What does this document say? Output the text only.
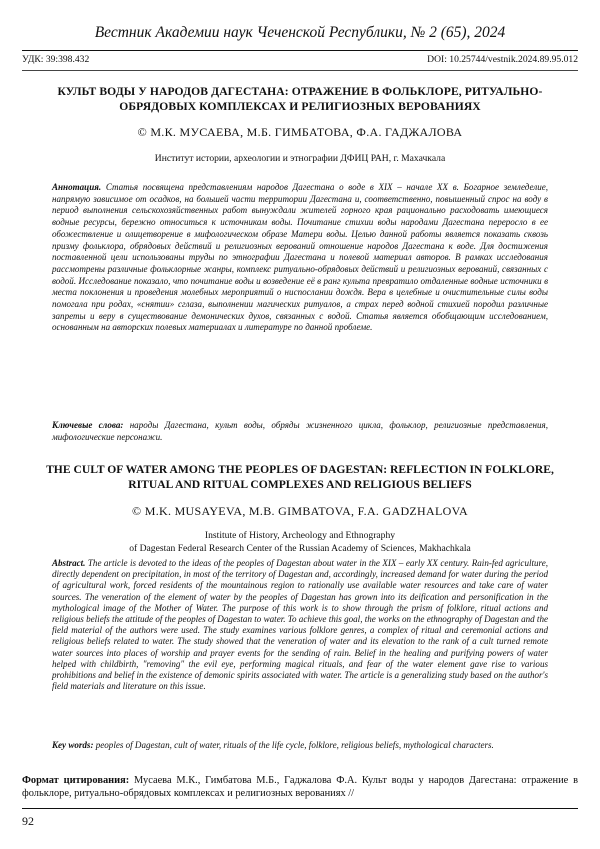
Вестник Академии наук Чеченской Республики, № 2 (65), 2024
УДК: 39:398.432	DOI: 10.25744/vestnik.2024.89.95.012
КУЛЬТ ВОДЫ У НАРОДОВ ДАГЕСТАНА: ОТРАЖЕНИЕ В ФОЛЬКЛОРЕ, РИТУАЛЬНО-ОБРЯДОВЫХ КОМПЛЕКСАХ И РЕЛИГИОЗНЫХ ВЕРОВАНИЯХ
© М.К. МУСАЕВА, М.Б. ГИМБАТОВА, Ф.А. ГАДЖАЛОВА
Институт истории, археологии и этнографии ДФИЦ РАН, г. Махачкала
Аннотация. Статья посвящена представлениям народов Дагестана о воде в XIX – начале XX в. Богарное земледелие, напрямую зависимое от осадков, на большей части территории Дагестана и, соответственно, повышенный спрос на воду в период выполнения сельскохозяйственных работ вынуждали жителей горного края рационально расходовать имеющиеся водные ресурсы, бережно относиться к источникам воды. Почитание стихии воды народами Дагестана переросло в ее обожествление и олицетворение в мифологическом образе Матери воды. Целью данной работы является показать сквозь призму фольклора, обрядовых действий и религиозных верований отношение народов Дагестана к воде. Для достижения поставленной цели использованы труды по этнографии Дагестана и полевой материал авторов. В рамках исследования рассмотрены различные фольклорные жанры, комплекс ритуально-обрядовых действий и религиозных верований, связанных с водой. Исследование показало, что почитание воды и возведение её в ранг культа превратило отдаленные водные источники в места поклонения и проведения молебных мероприятий о ниспослании дождя. Вера в целебные и очистительные силы воды помогала при родах, «снятии» сглаза, выполнении магических ритуалов, а страх перед водной стихией породил различные запреты и веру в существование демонических духов, связанных с водой. Статья является обобщающим исследованием, основанным на авторских полевых материалах и литературе по данной проблеме.
Ключевые слова: народы Дагестана, культ воды, обряды жизненного цикла, фольклор, религиозные представления, мифологические персонажи.
THE CULT OF WATER AMONG THE PEOPLES OF DAGESTAN: REFLECTION IN FOLKLORE, RITUAL AND RITUAL COMPLEXES AND RELIGIOUS BELIEFS
© M.K. MUSAYEVA, M.B. GIMBATOVA, F.A. GADZHALOVA
Institute of History, Archeology and Ethnography
of Dagestan Federal Research Center of the Russian Academy of Sciences, Makhachkala
Abstract. The article is devoted to the ideas of the peoples of Dagestan about water in the XIX – early XX century. Rain-fed agriculture, directly dependent on precipitation, in most of the territory of Dagestan and, accordingly, increased demand for water during the period of agricultural work, forced residents of the mountainous region to rationally use available water resources and take care of water sources. The veneration of the element of water by the peoples of Dagestan has grown into its deification and personification in the mythological image of the Mother of Water. The purpose of this work is to show through the prism of folklore, ritual actions and religious beliefs the attitude of the peoples of Dagestan to water. To achieve this goal, the works on the ethnography of Dagestan and the field material of the authors were used. The study examines various folklore genres, a complex of ritual and ceremonial actions and religious beliefs related to water. The study showed that the veneration of water and its elevation to the rank of a cult turned remote water sources into places of worship and prayer events for the sending of rain. Belief in the healing and purifying powers of water helped with childbirth, "removing" the evil eye, performing magical rituals, and fear of the water element gave rise to various prohibitions and belief in the existence of demonic spirits associated with water. The article is a generalizing study based on the author's field materials and literature on this issue.
Key words: peoples of Dagestan, cult of water, rituals of the life cycle, folklore, religious beliefs, mythological characters.
Формат цитирования: Мусаева М.К., Гимбатова М.Б., Гаджалова Ф.А. Культ воды у народов Дагестана: отражение в фольклоре, ритуально-обрядовых комплексах и религиозных верованиях //
92
